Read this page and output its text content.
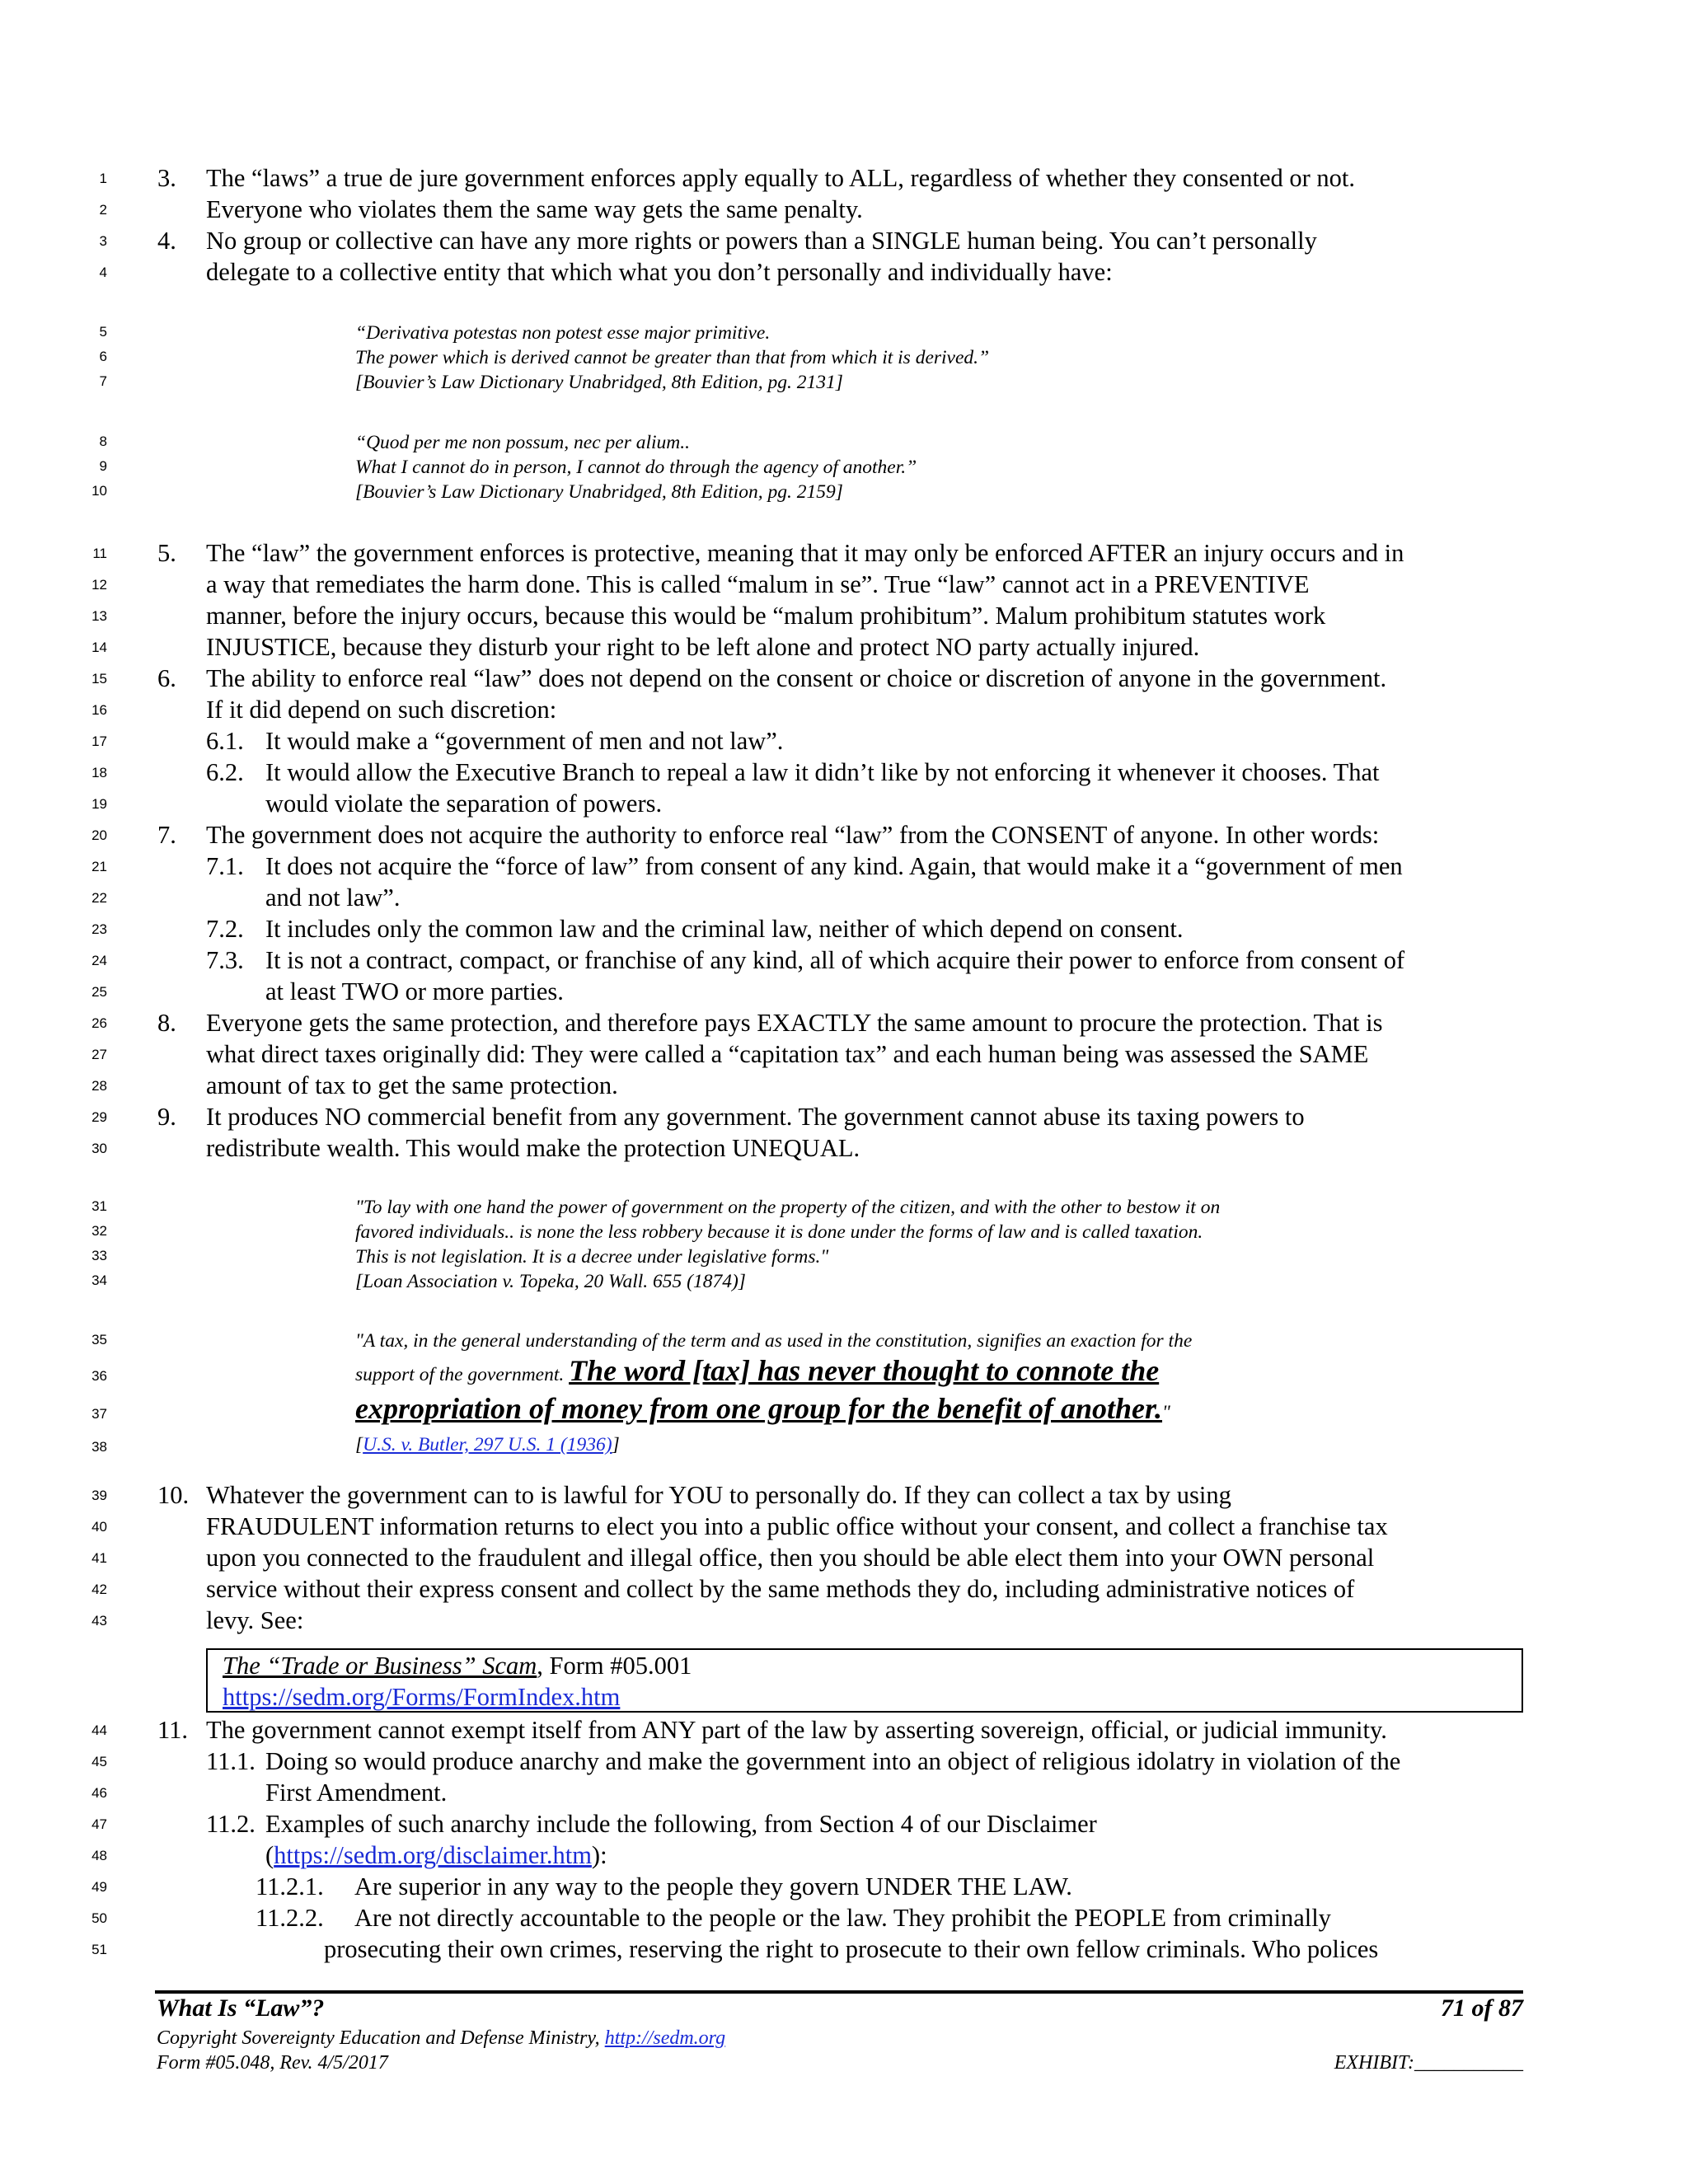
1 3. The “laws” a true de jure government enforces apply equally to ALL, regardless of whether they consented or not.
2	Everyone who violates them the same way gets the same penalty.
3 4. No group or collective can have any more rights or powers than a SINGLE human being. You can’t personally
4	delegate to a collective entity that which what you don’t personally and individually have:
5	“Derivativa potestas non potest esse major primitive.
6	The power which is derived cannot be greater than that from which it is derived.”
7	[Bouvier’s Law Dictionary Unabridged, 8th Edition, pg. 2131]
8	“Quod per me non possum, nec per alium..
9	What I cannot do in person, I cannot do through the agency of another.”
10	[Bouvier’s Law Dictionary Unabridged, 8th Edition, pg. 2159]
11 5. The “law” the government enforces is protective, meaning that it may only be enforced AFTER an injury occurs and in
12	a way that remediates the harm done. This is called “malum in se”. True “law” cannot act in a PREVENTIVE
13	manner, before the injury occurs, because this would be “malum prohibitum”. Malum prohibitum statutes work
14	INJUSTICE, because they disturb your right to be left alone and protect NO party actually injured.
15 6. The ability to enforce real “law” does not depend on the consent or choice or discretion of anyone in the government.
16	If it did depend on such discretion:
17	6.1. It would make a “government of men and not law”.
18	6.2. It would allow the Executive Branch to repeal a law it didn’t like by not enforcing it whenever it chooses. That
19	would violate the separation of powers.
20 7. The government does not acquire the authority to enforce real “law” from the CONSENT of anyone. In other words:
21	7.1. It does not acquire the “force of law” from consent of any kind. Again, that would make it a “government of men
22	and not law”.
23	7.2. It includes only the common law and the criminal law, neither of which depend on consent.
24	7.3. It is not a contract, compact, or franchise of any kind, all of which acquire their power to enforce from consent of
25	at least TWO or more parties.
26 8. Everyone gets the same protection, and therefore pays EXACTLY the same amount to procure the protection. That is
27	what direct taxes originally did: They were called a “capitation tax” and each human being was assessed the SAME
28	amount of tax to get the same protection.
29 9. It produces NO commercial benefit from any government. The government cannot abuse its taxing powers to
30	redistribute wealth. This would make the protection UNEQUAL.
31	"To lay with one hand the power of government on the property of the citizen, and with the other to bestow it on
32	favored individuals.. is none the less robbery because it is done under the forms of law and is called taxation.
33	This is not legislation. It is a decree under legislative forms."
34	[Loan Association v. Topeka, 20 Wall. 655 (1874)]
35	"A tax, in the general understanding of the term and as used in the constitution, signifies an exaction for the
39 10. Whatever the government can to is lawful for YOU to personally do. If they can collect a tax by using
40	FRAUDULENT information returns to elect you into a public office without your consent, and collect a franchise tax
41	upon you connected to the fraudulent and illegal office, then you should be able elect them into your OWN personal
42	service without their express consent and collect by the same methods they do, including administrative notices of
43	levy. See:
44 11. The government cannot exempt itself from ANY part of the law by asserting sovereign, official, or judicial immunity.
45	11.1. Doing so would produce anarchy and make the government into an object of religious idolatry in violation of the
46	First Amendment.
47	11.2. Examples of such anarchy include the following, from Section 4 of our Disclaimer
49	11.2.1. Are superior in any way to the people they govern UNDER THE LAW.
50	11.2.2. Are not directly accountable to the people or the law. They prohibit the PEOPLE from criminally
51	prosecuting their own crimes, reserving the right to prosecute to their own fellow criminals. Who polices
36	support of the government. The word [tax] has never thought to connote the
37	expropriation of money from one group for the benefit of another."
38	[U.S. v. Butler, 297 U.S. 1 (1936)]
The “Trade or Business” Scam, Form #05.001
https://sedm.org/Forms/FormIndex.htm
48	(https://sedm.org/disclaimer.htm):
What Is “Law”?	71 of 87
Copyright Sovereignty Education and Defense Ministry, http://sedm.org
Form #05.048, Rev. 4/5/2017	EXHIBIT:___________
